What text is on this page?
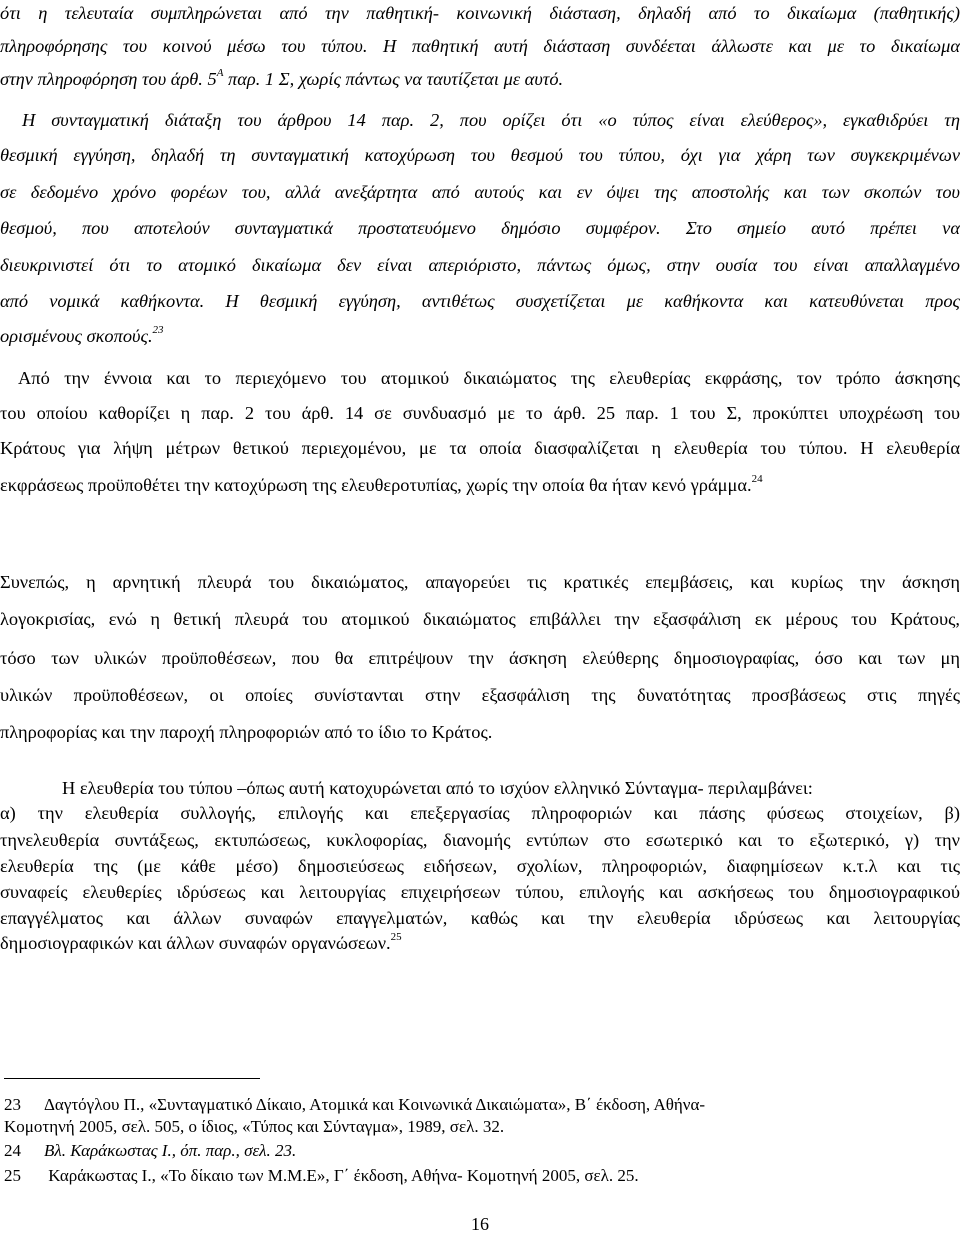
ότι η τελευταία συμπληρώνεται από την παθητική- κοινωνική διάσταση, δηλαδή από το δικαίωμα (παθητικής)
πληροφόρησης του κοινού μέσω του τύπου. Η παθητική αυτή διάσταση συνδέεται άλλωστε και με το δικαίωμα
στην πληροφόρηση του άρθ. $5^A$ παρ. 1 Σ, χωρίς πάντως να ταυτίζεται με αυτό.
Η συνταγματική διάταξη του άρθρου 14 παρ. 2, που ορίζει ότι «ο τύπος είναι ελεύθερος», εγκαθιδρύει τη
θεσμική εγγύηση, δηλαδή τη συνταγματική κατοχύρωση του θεσμού του τύπου, όχι για χάρη των συγκεκριμένων
σε δεδομένο χρόνο φορέων του, αλλά ανεξάρτητα από αυτούς και εν όψει της αποστολής και των σκοπών του
θεσμού, που αποτελούν συνταγματικά προστατευόμενο δημόσιο συμφέρον. Στο σημείο αυτό πρέπει να
διευκρινιστεί ότι το ατομικό δικαίωμα δεν είναι απεριόριστο, πάντως όμως, στην ουσία του είναι απαλλαγμένο
από νομικά καθήκοντα. Η θεσμική εγγύηση, αντιθέτως συσχετίζεται με καθήκοντα και κατευθύνεται προς
ορισμένους σκοπούς.$^{23}$
Από την έννοια και το περιεχόμενο του ατομικού δικαιώματος της ελευθερίας εκφράσης, τον τρόπο άσκησης
του οποίου καθορίζει η παρ. 2 του άρθ. 14 σε συνδυασμό με το άρθ. 25 παρ. 1 του Σ, προκύπτει υποχρέωση του
Κράτους για λήψη μέτρων θετικού περιεχομένου, με τα οποία διασφαλίζεται η ελευθερία του τύπου. Η ελευθερία
εκφράσεως προϋποθέτει την κατοχύρωση της ελευθεροτυπίας, χωρίς την οποία θα ήταν κενό γράμμα.$^{24}$
Συνεπώς, η αρνητική πλευρά του δικαιώματος, απαγορεύει τις κρατικές επεμβάσεις, και κυρίως την άσκηση
λογοκρισίας, ενώ η θετική πλευρά του ατομικού δικαιώματος επιβάλλει την εξασφάλιση εκ μέρους του Κράτους,
τόσο των υλικών προϋποθέσεων, που θα επιτρέψουν την άσκηση ελεύθερης δημοσιογραφίας, όσο και των μη
υλικών προϋποθέσεων, οι οποίες συνίστανται στην εξασφάλιση της δυνατότητας προσβάσεως στις πηγές
πληροφορίας και την παροχή πληροφοριών από το ίδιο το Κράτος.
Η ελευθερία του τύπου –όπως αυτή κατοχυρώνεται από το ισχύον ελληνικό Σύνταγμα- περιλαμβάνει:
α) την ελευθερία συλλογής, επιλογής και επεξεργασίας πληροφοριών και πάσης φύσεως στοιχείων, β)
τηνελευθερία συντάξεως, εκτυπώσεως, κυκλοφορίας, διανομής εντύπων στο εσωτερικό και το εξωτερικό, γ) την
ελευθερία της (με κάθε μέσο) δημοσιεύσεως ειδήσεων, σχολίων, πληροφοριών, διαφημίσεων κ.τ.λ και τις
συναφείς ελευθερίες ιδρύσεως και λειτουργίας επιχειρήσεων τύπου, επιλογής και ασκήσεως του δημοσιογραφικού
επαγγέλματος και άλλων συναφών επαγγελματών, καθώς και την ελευθερία ιδρύσεως και λειτουργίας
δημοσιογραφικών και άλλων συναφών οργανώσεων.$^{25}$
23 Δαγτόγλου Π., «Συνταγματικό Δίκαιο, Ατομικά και Κοινωνικά Δικαιώματα», Β΄ έκδοση, Αθήνα-
Κομοτηνή 2005, σελ. 505, ο ίδιος, «Τύπος και Σύνταγμα», 1989, σελ. 32.
24 Βλ. Καράκωστας Ι., όπ. παρ., σελ. 23.
25 Καράκωστας Ι., «Το δίκαιο των Μ.Μ.Ε», Γ΄ έκδοση, Αθήνα- Κομοτηνή 2005, σελ. 25.
16
